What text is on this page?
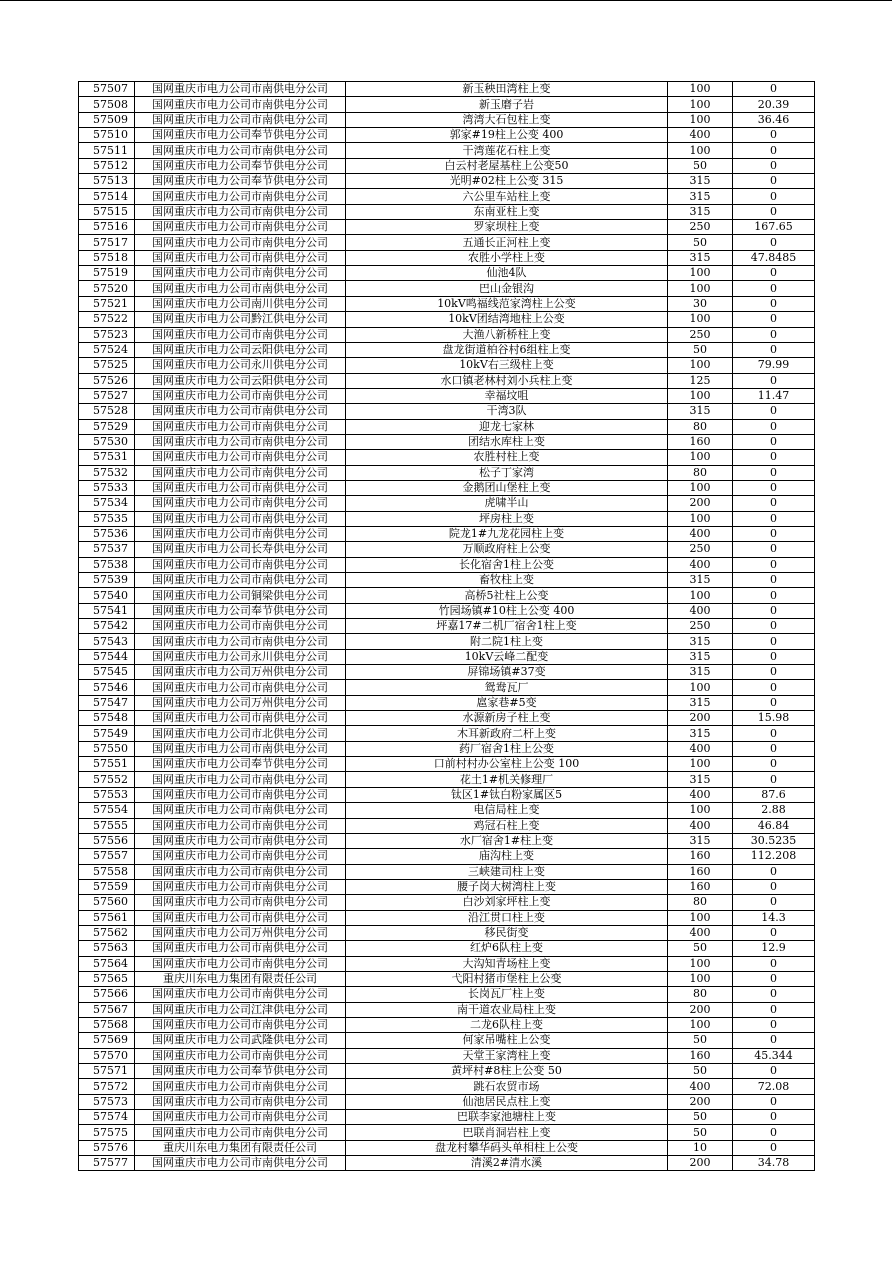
57507	国网重庆市电力公司市南供电分公司	新玉秧田湾柱上变	100	0
57508	国网重庆市电力公司市南供电分公司	新玉磨子岩	100	20.39
57509	国网重庆市电力公司市南供电分公司	湾湾大石包柱上变	100	36.46
57510	国网重庆市电力公司奉节供电分公司	郭家#19柱上公变 400	400	0
57511	国网重庆市电力公司市南供电分公司	干湾莲花石柱上变	100	0
57512	国网重庆市电力公司奉节供电分公司	白云村老屋基柱上公变50	50	0
57513	国网重庆市电力公司奉节供电分公司	光明#02柱上公变 315	315	0
57514	国网重庆市电力公司市南供电分公司	六公里车站柱上变	315	0
57515	国网重庆市电力公司市南供电分公司	东南亚柱上变	315	0
57516	国网重庆市电力公司市南供电分公司	罗家坝柱上变	250	167.65
57517	国网重庆市电力公司市南供电分公司	五通长正河柱上变	50	0
57518	国网重庆市电力公司市南供电分公司	农胜小学柱上变	315	47.8485
57519	国网重庆市电力公司市南供电分公司	仙池4队	100	0
57520	国网重庆市电力公司市南供电分公司	巴山金银沟	100	0
57521	国网重庆市电力公司南川供电分公司	10kV鸣福线范家湾柱上公变	30	0
57522	国网重庆市电力公司黔江供电分公司	10kV团结湾地柱上公变	100	0
57523	国网重庆市电力公司市南供电分公司	大渔八新桥柱上变	250	0
57524	国网重庆市电力公司云阳供电分公司	盘龙街道柏谷村6组柱上变	50	0
57525	国网重庆市电力公司永川供电分公司	10kV右三级柱上变	100	79.99
57526	国网重庆市电力公司云阳供电分公司	水口镇老林村刘小兵柱上变	125	0
57527	国网重庆市电力公司市南供电分公司	幸福坟咀	100	11.47
57528	国网重庆市电力公司市南供电分公司	干湾3队	315	0
57529	国网重庆市电力公司市南供电分公司	迎龙七家林	80	0
57530	国网重庆市电力公司市南供电分公司	团结水库柱上变	160	0
57531	国网重庆市电力公司市南供电分公司	农胜村柱上变	100	0
57532	国网重庆市电力公司市南供电分公司	松子丁家湾	80	0
57533	国网重庆市电力公司市南供电分公司	金鹅团山堡柱上变	100	0
57534	国网重庆市电力公司市南供电分公司	虎啸半山	200	0
57535	国网重庆市电力公司市南供电分公司	坪房柱上变	100	0
57536	国网重庆市电力公司市南供电分公司	院龙1#九龙花园柱上变	400	0
57537	国网重庆市电力公司长寿供电分公司	万顺政府柱上公变	250	0
57538	国网重庆市电力公司市南供电分公司	长化宿舍1柱上公变	400	0
57539	国网重庆市电力公司市南供电分公司	畜牧柱上变	315	0
57540	国网重庆市电力公司铜梁供电分公司	高桥5社柱上公变	100	0
57541	国网重庆市电力公司奉节供电分公司	竹园场镇#10柱上公变 400	400	0
57542	国网重庆市电力公司市南供电分公司	坪嘉17#二机厂宿舍1柱上变	250	0
57543	国网重庆市电力公司市南供电分公司	附二院1柱上变	315	0
57544	国网重庆市电力公司永川供电分公司	10kV云峰二配变	315	0
57545	国网重庆市电力公司万州供电分公司	屏锦场镇#37变	315	0
57546	国网重庆市电力公司市南供电分公司	鸳鸯瓦厂	100	0
57547	国网重庆市电力公司万州供电分公司	扈家巷#5变	315	0
57548	国网重庆市电力公司市南供电分公司	水源新房子柱上变	200	15.98
57549	国网重庆市电力公司市北供电分公司	木耳新政府二杆上变	315	0
57550	国网重庆市电力公司市南供电分公司	药厂宿舍1柱上公变	400	0
57551	国网重庆市电力公司奉节供电分公司	口前村村办公室柱上公变 100	100	0
57552	国网重庆市电力公司市南供电分公司	花土1#机关修理厂	315	0
57553	国网重庆市电力公司市南供电分公司	钛区1#钛白粉家属区5	400	87.6
57554	国网重庆市电力公司市南供电分公司	电信局柱上变	100	2.88
57555	国网重庆市电力公司市南供电分公司	鸡冠石柱上变	400	46.84
57556	国网重庆市电力公司市南供电分公司	水厂宿舍1#柱上变	315	30.5235
57557	国网重庆市电力公司市南供电分公司	庙沟柱上变	160	112.208
57558	国网重庆市电力公司市南供电分公司	三峡建司柱上变	160	0
57559	国网重庆市电力公司市南供电分公司	腰子岗大树湾柱上变	160	0
57560	国网重庆市电力公司市南供电分公司	白沙刘家坪柱上变	80	0
57561	国网重庆市电力公司市南供电分公司	沿江贯口柱上变	100	14.3
57562	国网重庆市电力公司万州供电分公司	移民街变	400	0
57563	国网重庆市电力公司市南供电分公司	红炉6队柱上变	50	12.9
57564	国网重庆市电力公司市南供电分公司	大沟知青场柱上变	100	0
57565	重庆川东电力集团有限责任公司	弋阳村猪市堡柱上公变	100	0
57566	国网重庆市电力公司市南供电分公司	长岗瓦厂柱上变	80	0
57567	国网重庆市电力公司江津供电分公司	南干道农业局柱上变	200	0
57568	国网重庆市电力公司市南供电分公司	二龙6队柱上变	100	0
57569	国网重庆市电力公司武隆供电分公司	何家吊嘴柱上公变	50	0
57570	国网重庆市电力公司市南供电分公司	天堂王家湾柱上变	160	45.344
57571	国网重庆市电力公司奉节供电分公司	黄坪村#8柱上公变 50	50	0
57572	国网重庆市电力公司市南供电分公司	跳石农贸市场	400	72.08
57573	国网重庆市电力公司市南供电分公司	仙池居民点柱上变	200	0
57574	国网重庆市电力公司市南供电分公司	巴联李家池塘柱上变	50	0
57575	国网重庆市电力公司市南供电分公司	巴联肖洞岩柱上变	50	0
57576	重庆川东电力集团有限责任公司	盘龙村攀华码头单相柱上公变	10	0
57577	国网重庆市电力公司市南供电分公司	清溪2#清水溪	200	34.78
